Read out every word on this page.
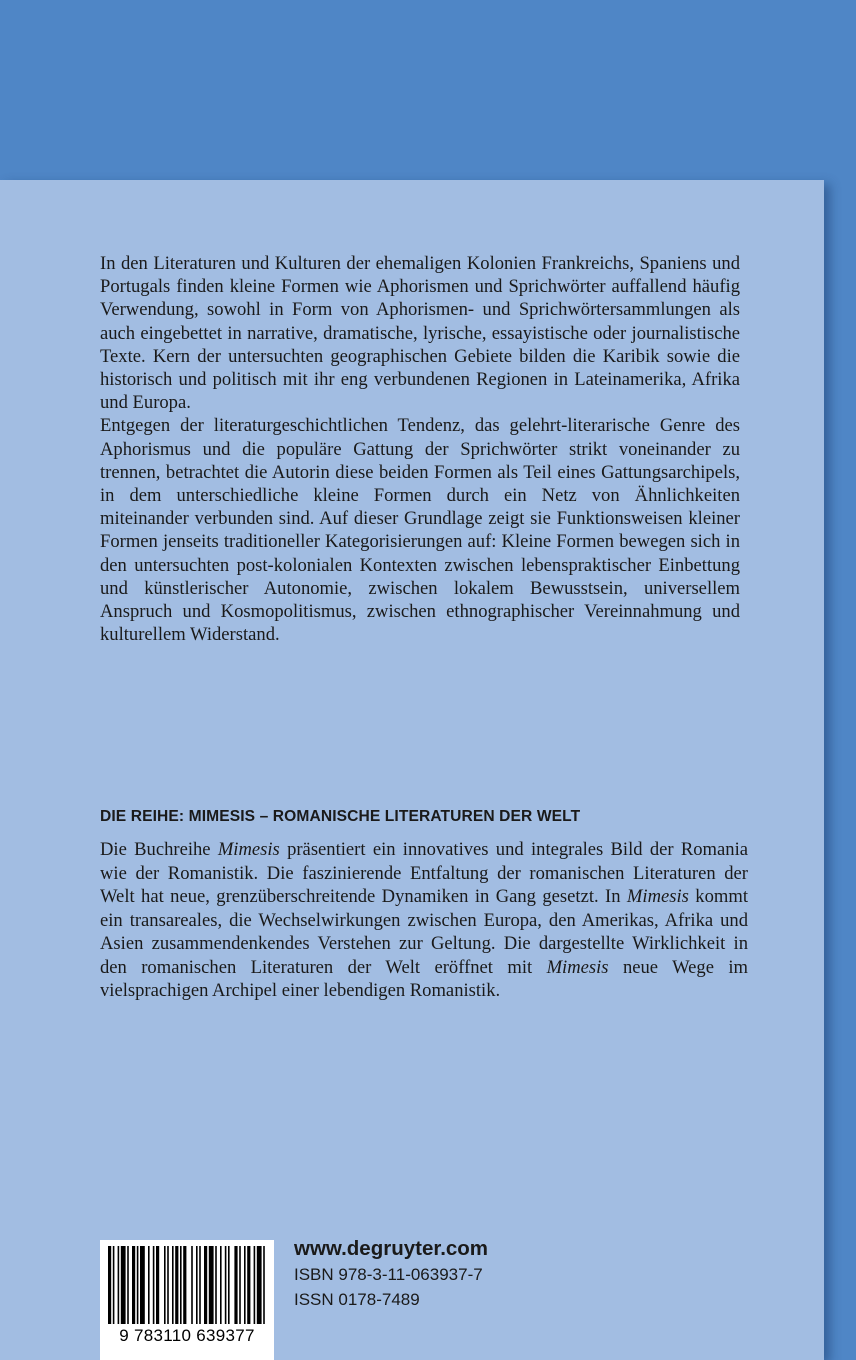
In den Literaturen und Kulturen der ehemaligen Kolonien Frankreichs, Spaniens und Portugals finden kleine Formen wie Aphorismen und Sprichwörter auffallend häufig Verwendung, sowohl in Form von Aphorismen- und Sprichwörtersammlungen als auch eingebettet in narrative, dramatische, lyrische, essayistische oder journalistische Texte. Kern der untersuchten geographischen Gebiete bilden die Karibik sowie die historisch und politisch mit ihr eng verbundenen Regionen in Lateinamerika, Afrika und Europa.

Entgegen der literaturgeschichtlichen Tendenz, das gelehrt-literarische Genre des Aphorismus und die populäre Gattung der Sprichwörter strikt voneinander zu trennen, betrachtet die Autorin diese beiden Formen als Teil eines Gattungsarchipels, in dem unterschiedliche kleine Formen durch ein Netz von Ähnlichkeiten miteinander verbunden sind. Auf dieser Grundlage zeigt sie Funktionsweisen kleiner Formen jenseits traditioneller Kategorisierungen auf: Kleine Formen bewegen sich in den untersuchten post-kolonialen Kontexten zwischen lebenspraktischer Einbettung und künstlerischer Autonomie, zwischen lokalem Bewusstsein, universellem Anspruch und Kosmopolitismus, zwischen ethnographischer Vereinnahmung und kulturellem Widerstand.

DIE REIHE: MIMESIS – ROMANISCHE LITERATUREN DER WELT

Die Buchreihe Mimesis präsentiert ein innovatives und integrales Bild der Romania wie der Romanistik. Die faszinierende Entfaltung der romanischen Literaturen der Welt hat neue, grenzüberschreitende Dynamiken in Gang gesetzt. In Mimesis kommt ein transareales, die Wechselwirkungen zwischen Europa, den Amerikas, Afrika und Asien zusammendenkendes Verstehen zur Geltung. Die dargestellte Wirklichkeit in den romanischen Literaturen der Welt eröffnet mit Mimesis neue Wege im vielsprachigen Archipel einer lebendigen Romanistik.

9 783110 639377

www.degruyter.com

ISBN 978-3-11-063937-7

ISSN 0178-7489
